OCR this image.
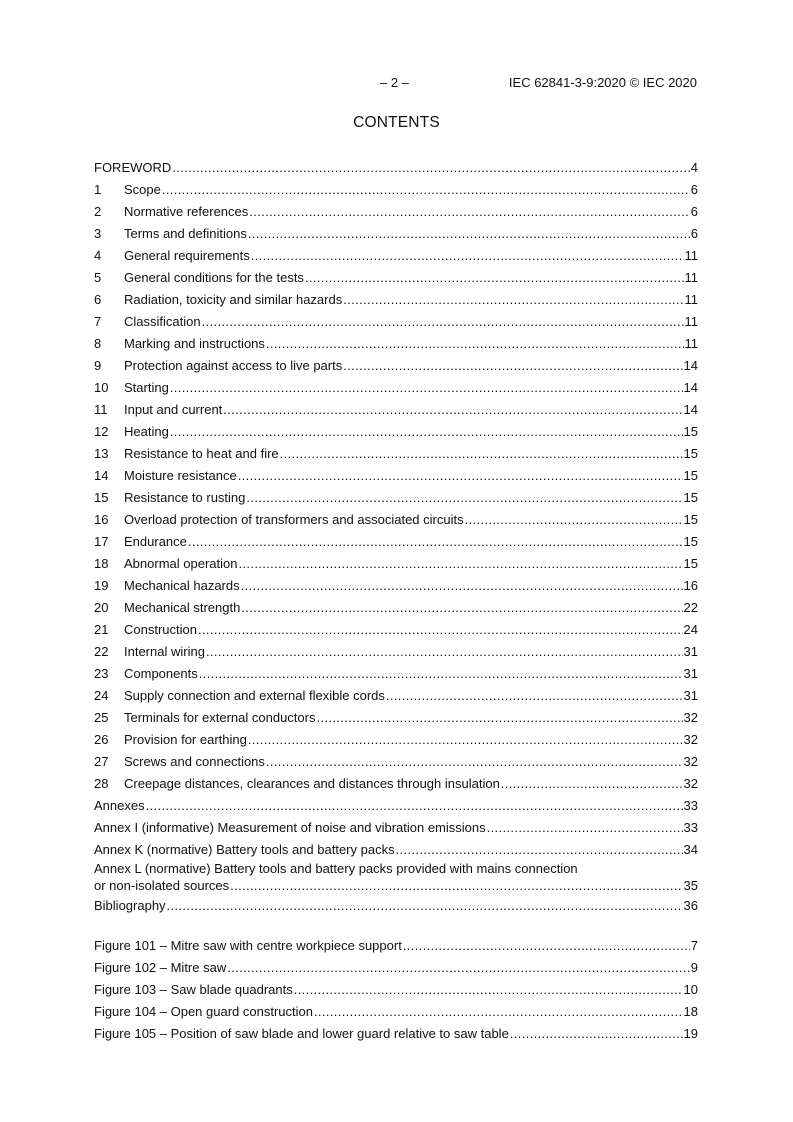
– 2 –	IEC 62841-3-9:2020 © IEC 2020
CONTENTS
FOREWORD .....	4
1	Scope .....	6
2	Normative references .....	6
3	Terms and definitions .....	6
4	General requirements .....	11
5	General conditions for the tests .....	11
6	Radiation, toxicity and similar hazards .....	11
7	Classification .....	11
8	Marking and instructions .....	11
9	Protection against access to live parts .....	14
10	Starting .....	14
11	Input and current .....	14
12	Heating .....	15
13	Resistance to heat and fire .....	15
14	Moisture resistance .....	15
15	Resistance to rusting .....	15
16	Overload protection of transformers and associated circuits .....	15
17	Endurance .....	15
18	Abnormal operation .....	15
19	Mechanical hazards .....	16
20	Mechanical strength .....	22
21	Construction .....	24
22	Internal wiring .....	31
23	Components .....	31
24	Supply connection and external flexible cords .....	31
25	Terminals for external conductors .....	32
26	Provision for earthing .....	32
27	Screws and connections .....	32
28	Creepage distances, clearances and distances through insulation .....	32
Annexes .....	33
Annex I (informative) Measurement of noise and vibration emissions .....	33
Annex K (normative) Battery tools and battery packs .....	34
Annex L (normative) Battery tools and battery packs provided with mains connection
or non-isolated sources .....	35
Bibliography .....	36
Figure 101 – Mitre saw with centre workpiece support .....	7
Figure 102 – Mitre saw .....	9
Figure 103 – Saw blade quadrants .....	10
Figure 104 – Open guard construction .....	18
Figure 105 – Position of saw blade and lower guard relative to saw table .....	19
